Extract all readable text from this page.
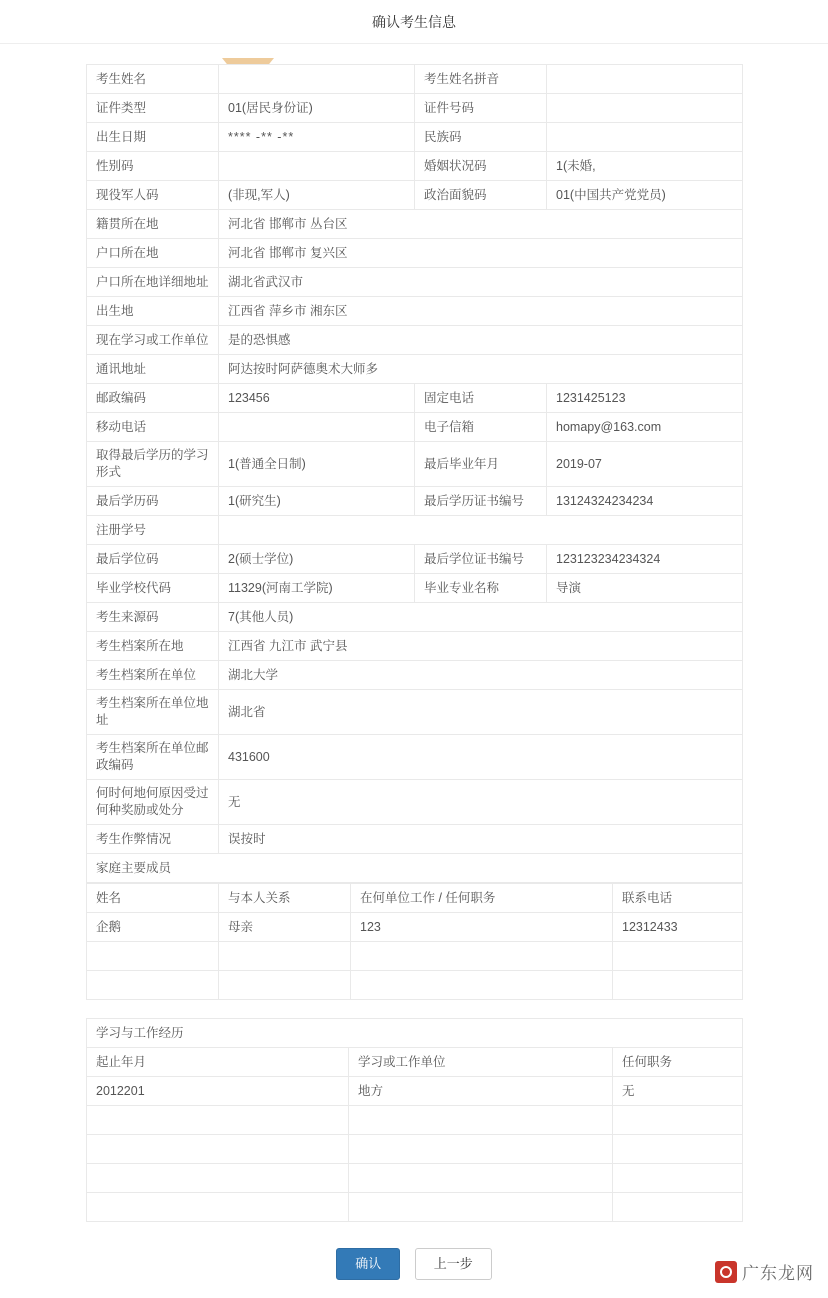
确认考生信息
考生姓名		考生姓名拼音	
证件类型	01(居民身份证)	证件号码	
出生日期	**** -** -**	民族码	
性别码		婚姻状况码	1(未婚,
现役军人码	(非现,军人)	政治面貌码	01(中国共产党党员)
籍贯所在地	河北省 邯郸市 丛台区		
户口所在地	河北省 邯郸市 复兴区		
户口所在地详细地址	湖北省武汉市		
出生地	江西省 萍乡市 湘东区		
现在学习或工作单位	是的恐惧感		
通讯地址	阿达按时阿萨德奥术大师多		
邮政编码	123456	固定电话	1231425123
移动电话		电子信箱	homapy@163.com
取得最后学历的学习形式	1(普通全日制)	最后毕业年月	2019-07
最后学历码	1(研究生)	最后学历证书编号	13124324234234
注册学号			
最后学位码	2(硕士学位)	最后学位证书编号	123123234234324
毕业学校代码	11329(河南工学院)	毕业专业名称	导演
考生来源码	7(其他人员)		
考生档案所在地	江西省 九江市 武宁县		
考生档案所在单位	湖北大学		
考生档案所在单位地址	湖北省		
考生档案所在单位邮政编码	431600		
何时何地何原因受过何种奖励或处分	无		
考生作弊情况	误按时		
家庭主要成员			
姓名	与本人关系	在何单位工作 / 任何职务	联系电话
企鹅	母亲	123	12312433

学习与工作经历		
起止年月	学习或工作单位	任何职务
2012201	地方	无

确认	上一步
广东龙网
